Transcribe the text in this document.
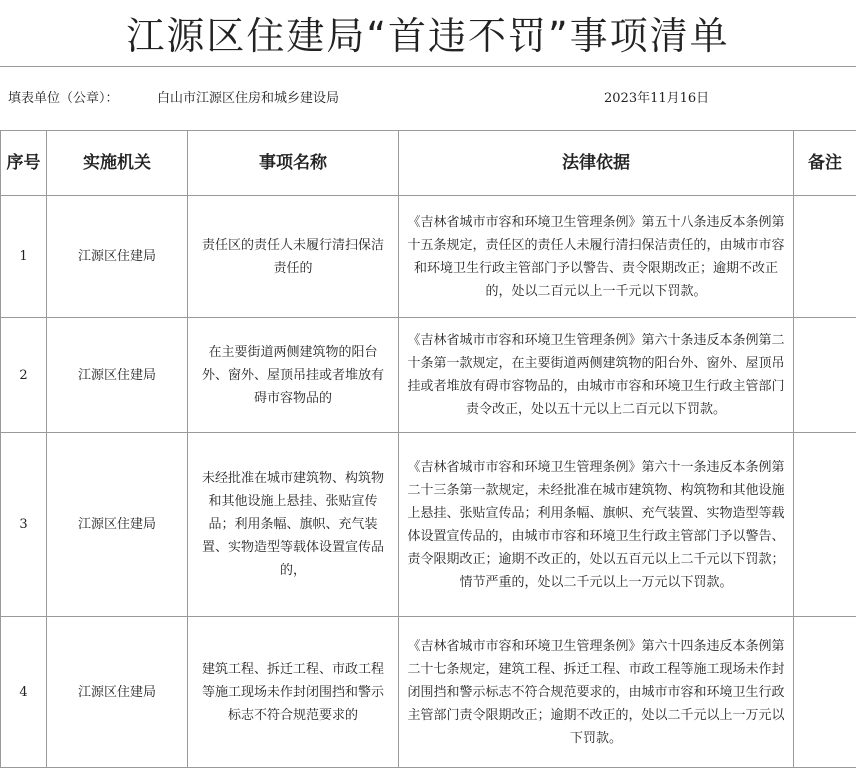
江源区住建局“首违不罚”事项清单
填表单位（公章）：	白山市江源区住房和城乡建设局	2023年11月16日
序号	实施机关	事项名称	法律依据	备注
1	江源区住建局	责任区的责任人未履行清扫保洁责任的	《吉林省城市市容和环境卫生管理条例》第五十八条违反本条例第十五条规定，责任区的责任人未履行清扫保洁责任的，由城市市容和环境卫生行政主管部门予以警告、责令限期改正；逾期不改正的，处以二百元以上一千元以下罚款。	
2	江源区住建局	在主要街道两侧建筑物的阳台外、窗外、屋顶吊挂或者堆放有碍市容物品的	《吉林省城市市容和环境卫生管理条例》第六十条违反本条例第二十条第一款规定，在主要街道两侧建筑物的阳台外、窗外、屋顶吊挂或者堆放有碍市容物品的，由城市市容和环境卫生行政主管部门责令改正，处以五十元以上二百元以下罚款。	
3	江源区住建局	未经批准在城市建筑物、构筑物和其他设施上悬挂、张贴宣传品；利用条幅、旗帜、充气装置、实物造型等载体设置宣传品的，	《吉林省城市市容和环境卫生管理条例》第六十一条违反本条例第二十三条第一款规定，未经批准在城市建筑物、构筑物和其他设施上悬挂、张贴宣传品；利用条幅、旗帜、充气装置、实物造型等载体设置宣传品的，由城市市容和环境卫生行政主管部门予以警告、责令限期改正；逾期不改正的，处以五百元以上二千元以下罚款；情节严重的，处以二千元以上一万元以下罚款。	
4	江源区住建局	建筑工程、拆迁工程、市政工程等施工现场未作封闭围挡和警示标志不符合规范要求的	《吉林省城市市容和环境卫生管理条例》第六十四条违反本条例第二十七条规定，建筑工程、拆迁工程、市政工程等施工现场未作封闭围挡和警示标志不符合规范要求的，由城市市容和环境卫生行政主管部门责令限期改正；逾期不改正的，处以二千元以上一万元以下罚款。	
